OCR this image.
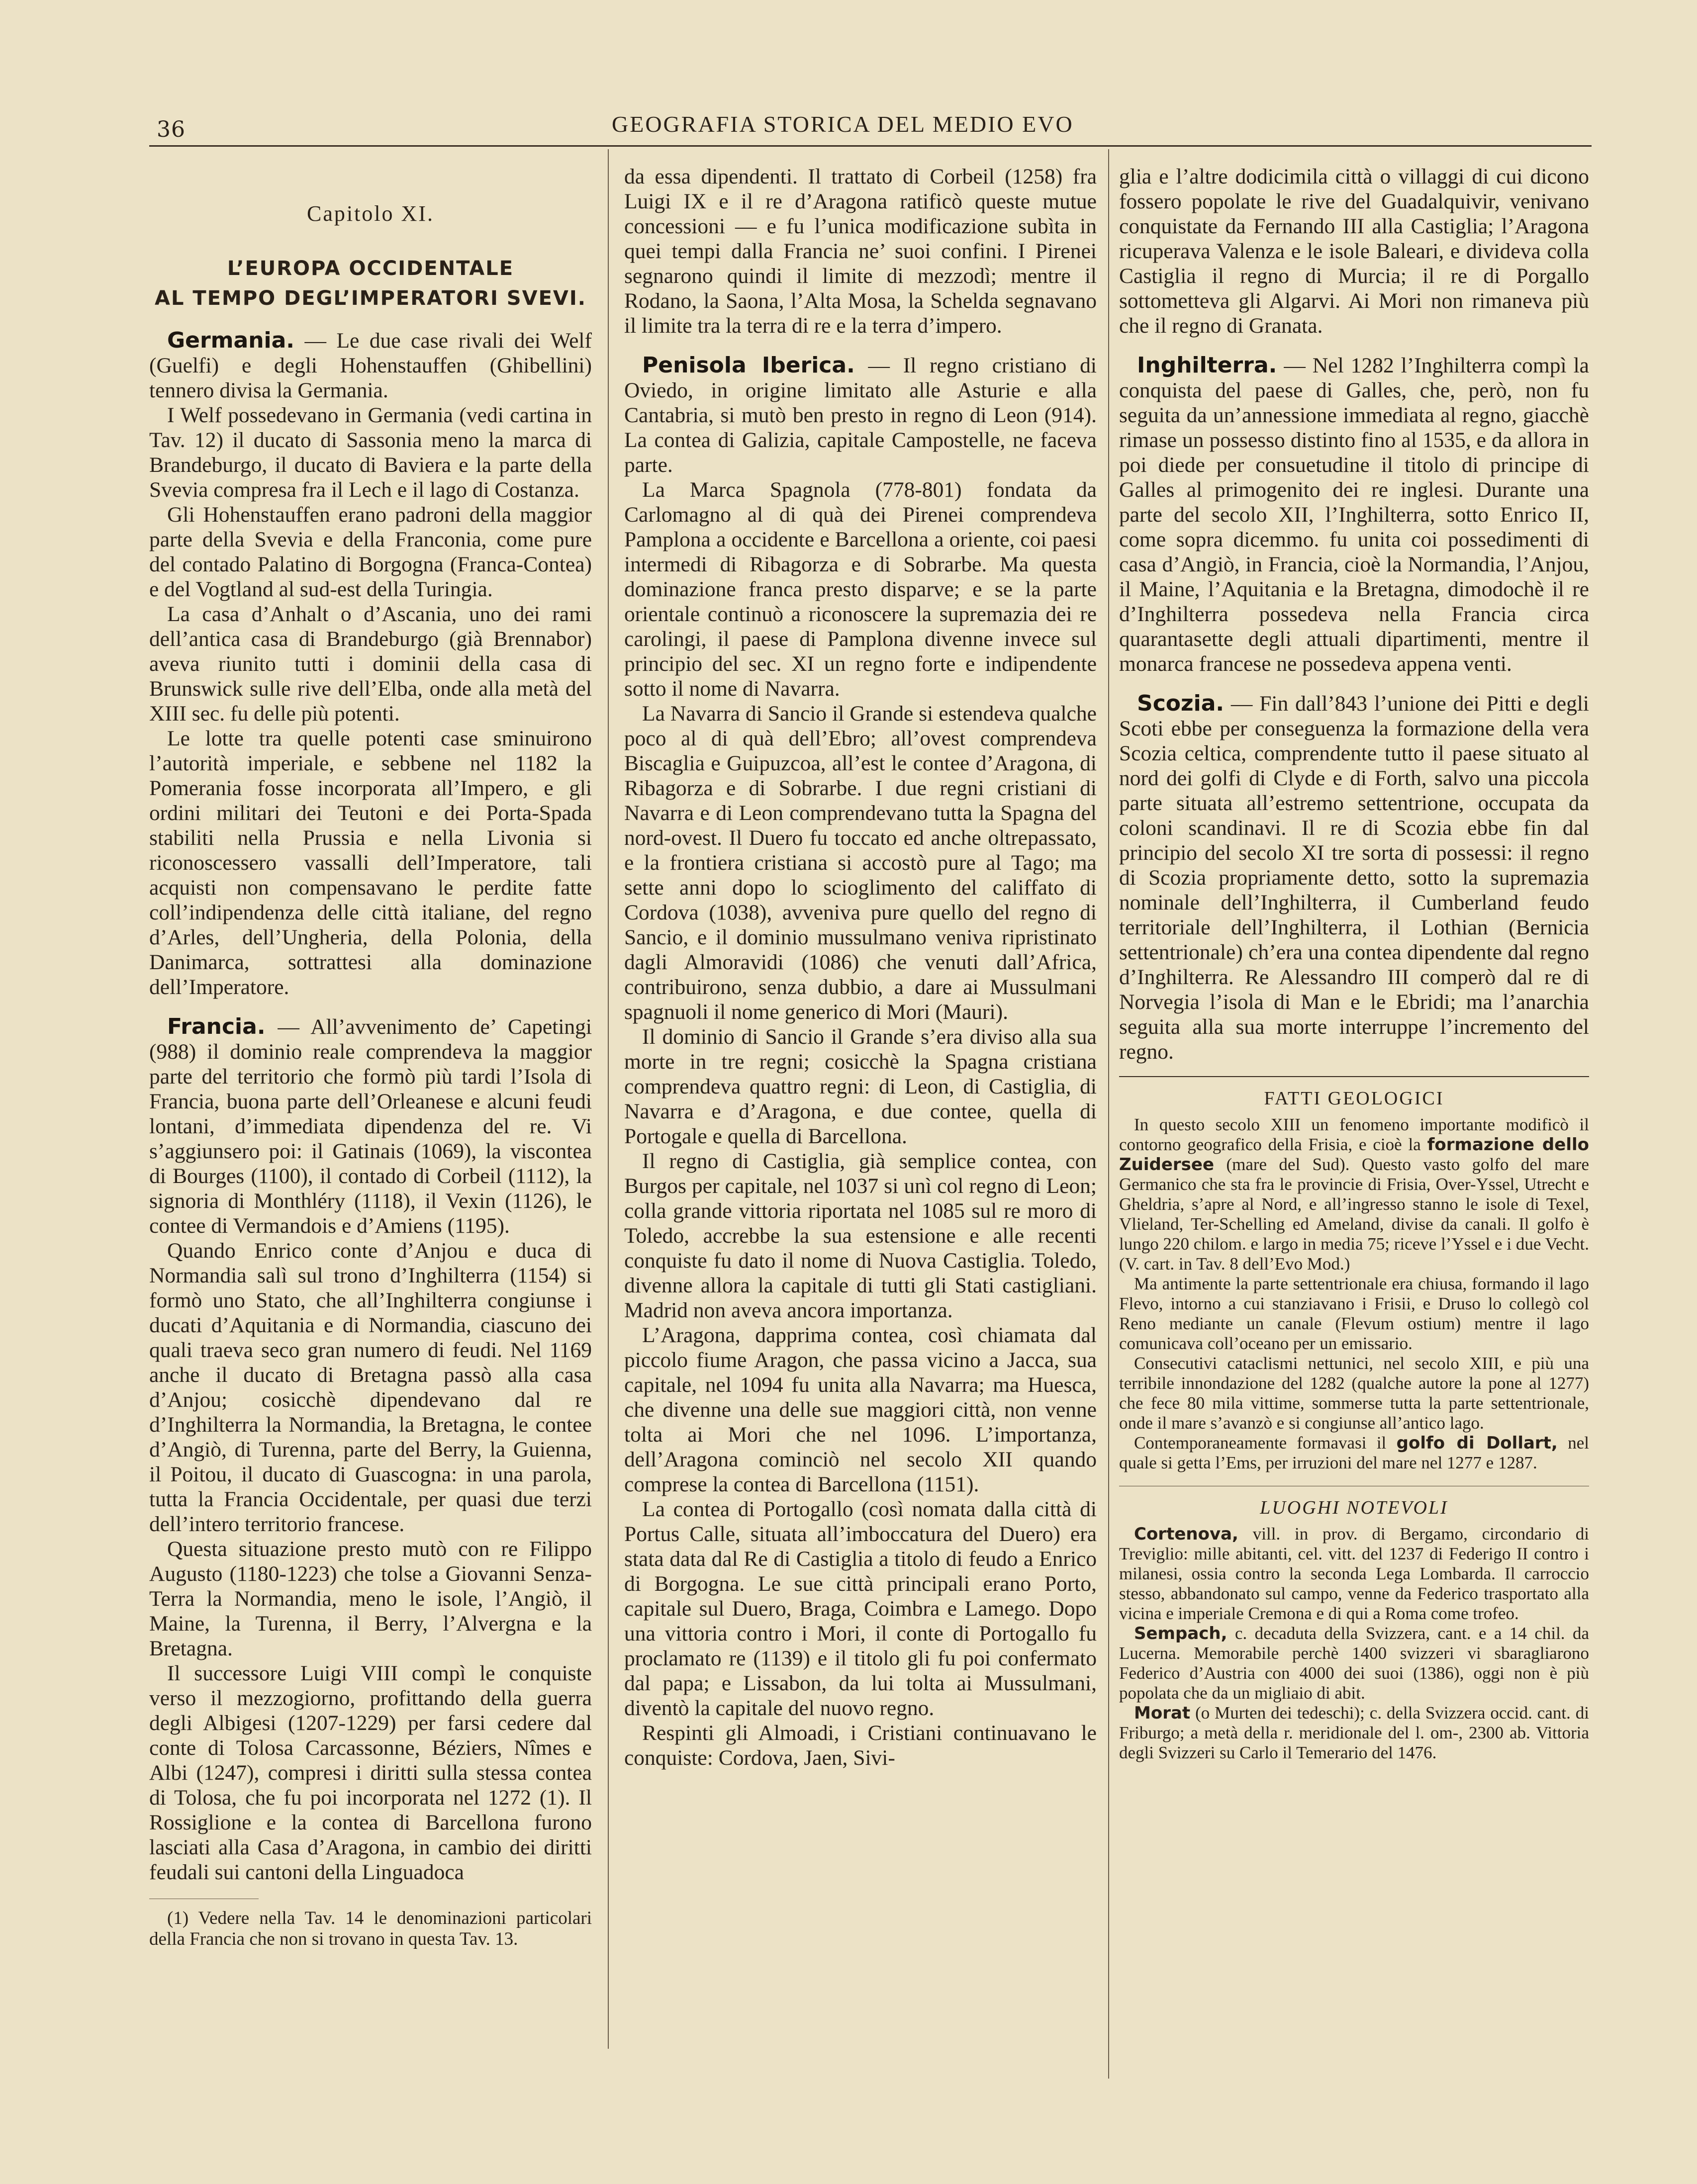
36	GEOGRAFIA STORICA DEL MEDIO EVO

Capitolo XI.

L’EUROPA OCCIDENTALE

AL TEMPO DEGL’IMPERATORI SVEVI.

Germania. — Le due case rivali dei Welf (Guelfi) e degli Hohenstauffen (Ghibellini) tennero divisa la Germania.

I Welf possedevano in Germania (vedi cartina in Tav. 12) il ducato di Sassonia meno la marca di Brandeburgo, il ducato di Baviera e la parte della Svevia compresa fra il Lech e il lago di Costanza.

Gli Hohenstauffen erano padroni della maggior parte della Svevia e della Franconia, come pure del contado Palatino di Borgogna (Franca-Contea) e del Vogtland al sud-est della Turingia.

La casa d’Anhalt o d’Ascania, uno dei rami dell’antica casa di Brandeburgo (già Brennabor) aveva riunito tutti i dominii della casa di Brunswick sulle rive dell’Elba, onde alla metà del XIII sec. fu delle più potenti.

Le lotte tra quelle potenti case sminuirono l’autorità imperiale, e sebbene nel 1182 la Pomerania fosse incorporata all’Impero, e gli ordini militari dei Teutoni e dei Porta-Spada stabiliti nella Prussia e nella Livonia si riconoscessero vassalli dell’Imperatore, tali acquisti non compensavano le perdite fatte coll’indipendenza delle città italiane, del regno d’Arles, dell’Ungheria, della Polonia, della Danimarca, sottrattesi alla dominazione dell’Imperatore.

Francia. — All’avvenimento de’ Capetingi (988) il dominio reale comprendeva la maggior parte del territorio che formò più tardi l’Isola di Francia, buona parte dell’Orleanese e alcuni feudi lontani, d’immediata dipendenza del re. Vi s’aggiunsero poi: il Gatinais (1069), la viscontea di Bourges (1100), il contado di Corbeil (1112), la signoria di Monthléry (1118), il Vexin (1126), le contee di Vermandois e d’Amiens (1195).

Quando Enrico conte d’Anjou e duca di Normandia salì sul trono d’Inghilterra (1154) si formò uno Stato, che all’Inghilterra congiunse i ducati d’Aquitania e di Normandia, ciascuno dei quali traeva seco gran numero di feudi. Nel 1169 anche il ducato di Bretagna passò alla casa d’Anjou; cosicchè dipendevano dal re d’Inghilterra la Normandia, la Bretagna, le contee d’Angiò, di Turenna, parte del Berry, la Guienna, il Poitou, il ducato di Guascogna: in una parola, tutta la Francia Occidentale, per quasi due terzi dell’intero territorio francese.

Questa situazione presto mutò con re Filippo Augusto (1180-1223) che tolse a Giovanni Senza-Terra la Normandia, meno le isole, l’Angiò, il Maine, la Turenna, il Berry, l’Alvergna e la Bretagna.

Il successore Luigi VIII compì le conquiste verso il mezzogiorno, profittando della guerra degli Albigesi (1207-1229) per farsi cedere dal conte di Tolosa Carcassonne, Béziers, Nîmes e Albi (1247), compresi i diritti sulla stessa contea di Tolosa, che fu poi incorporata nel 1272 (1). Il Rossiglione e la contea di Barcellona furono lasciati alla Casa d’Aragona, in cambio dei diritti feudali sui cantoni della Linguadoca

(1) Vedere nella Tav. 14 le denominazioni particolari della Francia che non si trovano in questa Tav. 13.

da essa dipendenti. Il trattato di Corbeil (1258) fra Luigi IX e il re d’Aragona ratificò queste mutue concessioni — e fu l’unica modificazione subìta in quei tempi dalla Francia ne’ suoi confini. I Pirenei segnarono quindi il limite di mezzodì; mentre il Rodano, la Saona, l’Alta Mosa, la Schelda segnavano il limite tra la terra di re e la terra d’impero.

Penisola Iberica. — Il regno cristiano di Oviedo, in origine limitato alle Asturie e alla Cantabria, si mutò ben presto in regno di Leon (914). La contea di Galizia, capitale Campostelle, ne faceva parte.

La Marca Spagnola (778-801) fondata da Carlomagno al di quà dei Pirenei comprendeva Pamplona a occidente e Barcellona a oriente, coi paesi intermedi di Ribagorza e di Sobrarbe. Ma questa dominazione franca presto disparve; e se la parte orientale continuò a riconoscere la supremazia dei re carolingi, il paese di Pamplona divenne invece sul principio del sec. XI un regno forte e indipendente sotto il nome di Navarra.

La Navarra di Sancio il Grande si estendeva qualche poco al di quà dell’Ebro; all’ovest comprendeva Biscaglia e Guipuzcoa, all’est le contee d’Aragona, di Ribagorza e di Sobrarbe. I due regni cristiani di Navarra e di Leon comprendevano tutta la Spagna del nord-ovest. Il Duero fu toccato ed anche oltrepassato, e la frontiera cristiana si accostò pure al Tago; ma sette anni dopo lo scioglimento del califfato di Cordova (1038), avveniva pure quello del regno di Sancio, e il dominio mussulmano veniva ripristinato dagli Almoravidi (1086) che venuti dall’Africa, contribuirono, senza dubbio, a dare ai Mussulmani spagnuoli il nome generico di Mori (Mauri).

Il dominio di Sancio il Grande s’era diviso alla sua morte in tre regni; cosicchè la Spagna cristiana comprendeva quattro regni: di Leon, di Castiglia, di Navarra e d’Aragona, e due contee, quella di Portogale e quella di Barcellona.

Il regno di Castiglia, già semplice contea, con Burgos per capitale, nel 1037 si unì col regno di Leon; colla grande vittoria riportata nel 1085 sul re moro di Toledo, accrebbe la sua estensione e alle recenti conquiste fu dato il nome di Nuova Castiglia. Toledo, divenne allora la capitale di tutti gli Stati castigliani. Madrid non aveva ancora importanza.

L’Aragona, dapprima contea, così chiamata dal piccolo fiume Aragon, che passa vicino a Jacca, sua capitale, nel 1094 fu unita alla Navarra; ma Huesca, che divenne una delle sue maggiori città, non venne tolta ai Mori che nel 1096. L’importanza, dell’Aragona cominciò nel secolo XII quando comprese la contea di Barcellona (1151).

La contea di Portogallo (così nomata dalla città di Portus Calle, situata all’imboccatura del Duero) era stata data dal Re di Castiglia a titolo di feudo a Enrico di Borgogna. Le sue città principali erano Porto, capitale sul Duero, Braga, Coimbra e Lamego. Dopo una vittoria contro i Mori, il conte di Portogallo fu proclamato re (1139) e il titolo gli fu poi confermato dal papa; e Lissabon, da lui tolta ai Mussulmani, diventò la capitale del nuovo regno.

Respinti gli Almoadi, i Cristiani continuavano le conquiste: Cordova, Jaen, Sivi-

glia e l’altre dodicimila città o villaggi di cui dicono fossero popolate le rive del Guadalquivir, venivano conquistate da Fernando III alla Castiglia; l’Aragona ricuperava Valenza e le isole Baleari, e divideva colla Castiglia il regno di Murcia; il re di Porgallo sottometteva gli Algarvi. Ai Mori non rimaneva più che il regno di Granata.

Inghilterra. — Nel 1282 l’Inghilterra compì la conquista del paese di Galles, che, però, non fu seguita da un’annessione immediata al regno, giacchè rimase un possesso distinto fino al 1535, e da allora in poi diede per consuetudine il titolo di principe di Galles al primogenito dei re inglesi. Durante una parte del secolo XII, l’Inghilterra, sotto Enrico II, come sopra dicemmo. fu unita coi possedimenti di casa d’Angiò, in Francia, cioè la Normandia, l’Anjou, il Maine, l’Aquitania e la Bretagna, dimodochè il re d’Inghilterra possedeva nella Francia circa quarantasette degli attuali dipartimenti, mentre il monarca francese ne possedeva appena venti.

Scozia. — Fin dall’843 l’unione dei Pitti e degli Scoti ebbe per conseguenza la formazione della vera Scozia celtica, comprendente tutto il paese situato al nord dei golfi di Clyde e di Forth, salvo una piccola parte situata all’estremo settentrione, occupata da coloni scandinavi. Il re di Scozia ebbe fin dal principio del secolo XI tre sorta di possessi: il regno di Scozia propriamente detto, sotto la supremazia nominale dell’Inghilterra, il Cumberland feudo territoriale dell’Inghilterra, il Lothian (Bernicia settentrionale) ch’era una contea dipendente dal regno d’Inghilterra. Re Alessandro III comperò dal re di Norvegia l’isola di Man e le Ebridi; ma l’anarchia seguita alla sua morte interruppe l’incremento del regno.

FATTI GEOLOGICI

In questo secolo XIII un fenomeno importante modificò il contorno geografico della Frisia, e cioè la formazione dello Zuidersee (mare del Sud). Questo vasto golfo del mare Germanico che sta fra le provincie di Frisia, Over-Yssel, Utrecht e Gheldria, s’apre al Nord, e all’ingresso stanno le isole di Texel, Vlieland, Ter-Schelling ed Ameland, divise da canali. Il golfo è lungo 220 chilom. e largo in media 75; riceve l’Yssel e i due Vecht. (V. cart. in Tav. 8 dell’Evo Mod.)

Ma antimente la parte settentrionale era chiusa, formando il lago Flevo, intorno a cui stanziavano i Frisii, e Druso lo collegò col Reno mediante un canale (Flevum ostium) mentre il lago comunicava coll’oceano per un emissario.

Consecutivi cataclismi nettunici, nel secolo XIII, e più una terribile innondazione del 1282 (qualche autore la pone al 1277) che fece 80 mila vittime, sommerse tutta la parte settentrionale, onde il mare s’avanzò e si congiunse all’antico lago.

Contemporaneamente formavasi il golfo di Dollart, nel quale si getta l’Ems, per irruzioni del mare nel 1277 e 1287.

LUOGHI NOTEVOLI

Cortenova, vill. in prov. di Bergamo, circondario di Treviglio: mille abitanti, cel. vitt. del 1237 di Federigo II contro i milanesi, ossia contro la seconda Lega Lombarda. Il carroccio stesso, abbandonato sul campo, venne da Federico trasportato alla vicina e imperiale Cremona e di qui a Roma come trofeo.

Sempach, c. decaduta della Svizzera, cant. e a 14 chil. da Lucerna. Memorabile perchè 1400 svizzeri vi sbaragliarono Federico d’Austria con 4000 dei suoi (1386), oggi non è più popolata che da un migliaio di abit.

Morat (o Murten dei tedeschi); c. della Svizzera occid. cant. di Friburgo; a metà della r. meridionale del l. om-, 2300 ab. Vittoria degli Svizzeri su Carlo il Temerario del 1476.
